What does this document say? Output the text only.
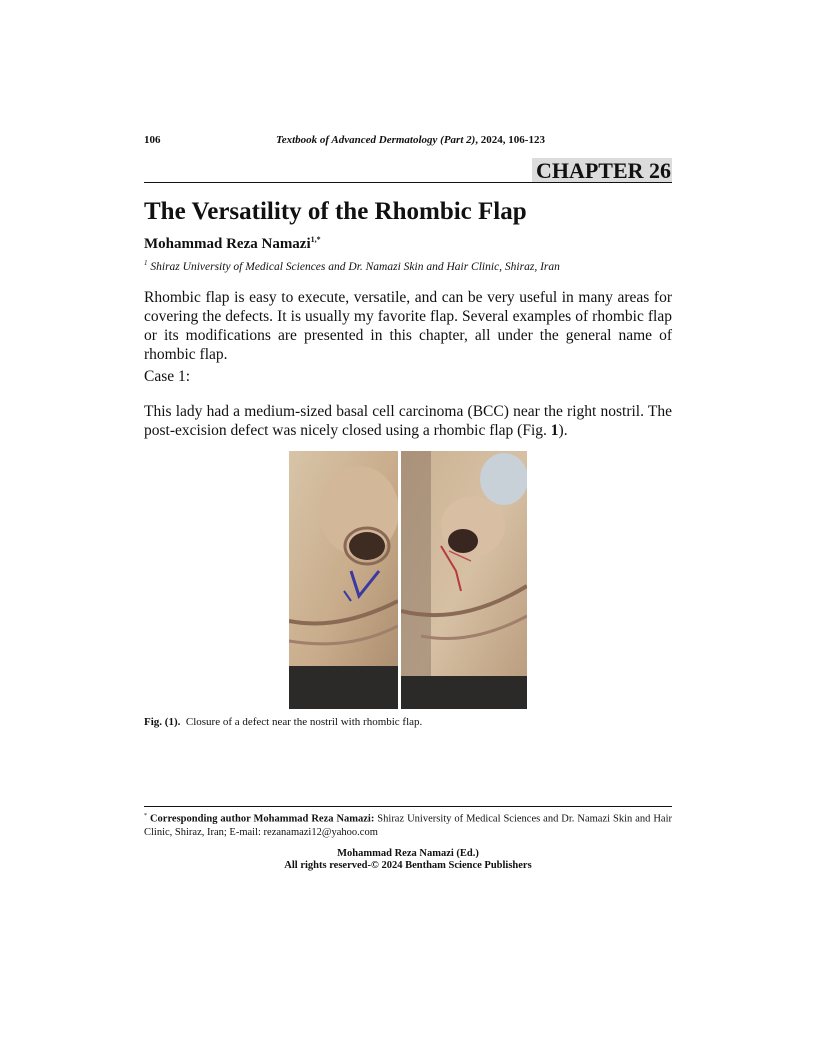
106	Textbook of Advanced Dermatology (Part 2), 2024, 106-123
CHAPTER 26
The Versatility of the Rhombic Flap
Mohammad Reza Namazi$^{1,*}$
$^1$ Shiraz University of Medical Sciences and Dr. Namazi Skin and Hair Clinic, Shiraz, Iran

Rhombic flap is easy to execute, versatile, and can be very useful in many areas for covering the defects. It is usually my favorite flap. Several examples of rhombic flap or its modifications are presented in this chapter, all under the general name of rhombic flap.

Case 1:

This lady had a medium-sized basal cell carcinoma (BCC) near the right nostril. The post-excision defect was nicely closed using a rhombic flap (Fig. 1).

Fig. (1). Closure of a defect near the nostril with rhombic flap.
* Corresponding author Mohammad Reza Namazi: Shiraz University of Medical Sciences and Dr. Namazi Skin and Hair Clinic, Shiraz, Iran; E-mail: rezanamazi12@yahoo.com
Mohammad Reza Namazi (Ed.)
All rights reserved-© 2024 Bentham Science Publishers
